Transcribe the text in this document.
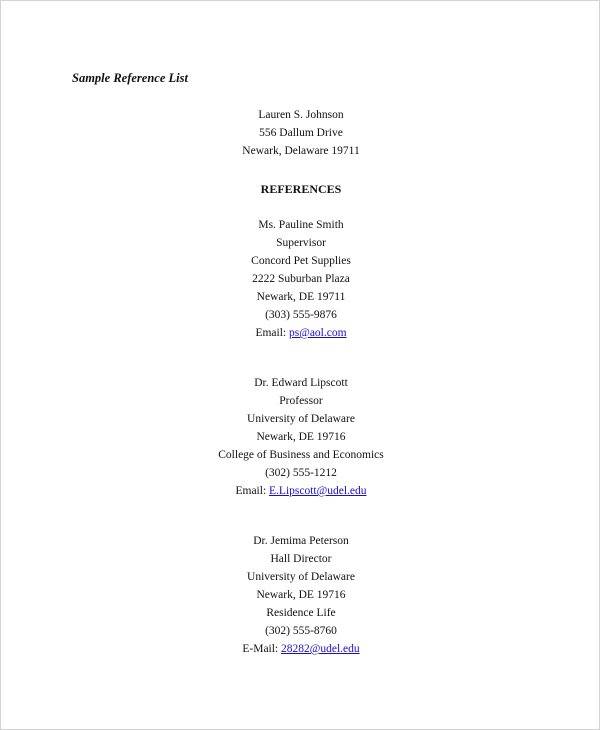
Sample Reference List
Lauren S. Johnson
556 Dallum Drive
Newark, Delaware 19711
REFERENCES
Ms. Pauline Smith
Supervisor
Concord Pet Supplies
2222 Suburban Plaza
Newark, DE 19711
(303) 555-9876
Email: ps@aol.com
Dr. Edward Lipscott
Professor
University of Delaware
Newark, DE 19716
College of Business and Economics
(302) 555-1212
Email: E.Lipscott@udel.edu
Dr. Jemima Peterson
Hall Director
University of Delaware
Newark, DE 19716
Residence Life
(302) 555-8760
E-Mail: 28282@udel.edu
